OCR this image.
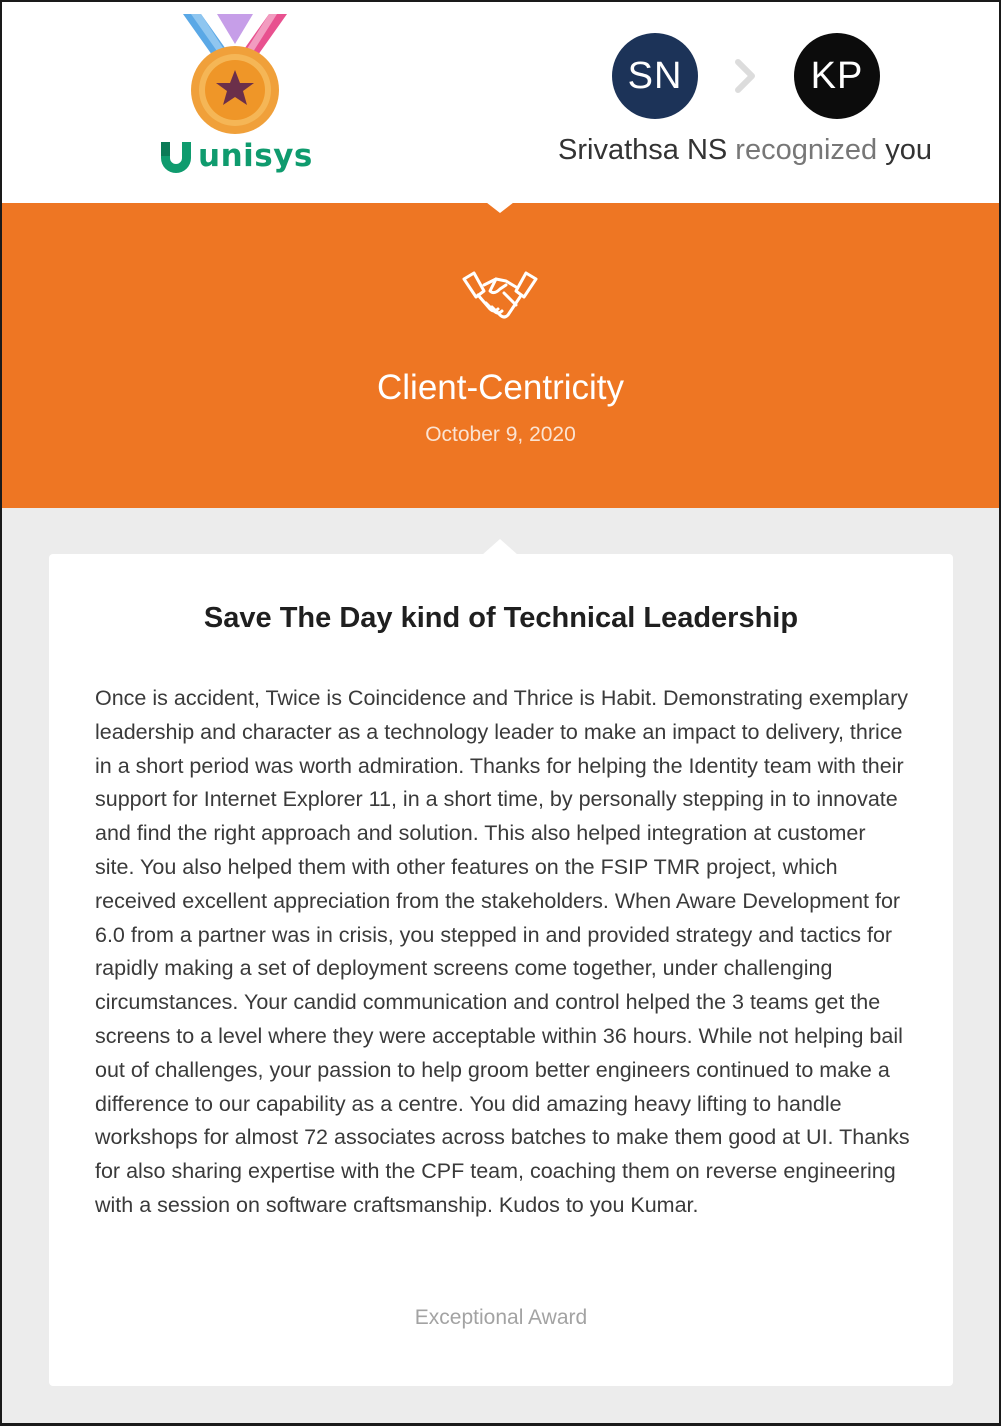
unisys
SN	KP
Srivathsa NS recognized you
Client-Centricity
October 9, 2020
Save The Day kind of Technical Leadership
Once is accident, Twice is Coincidence and Thrice is Habit. Demonstrating exemplary leadership and character as a technology leader to make an impact to delivery, thrice in a short period was worth admiration. Thanks for helping the Identity team with their support for Internet Explorer 11, in a short time, by personally stepping in to innovate and find the right approach and solution. This also helped integration at customer site. You also helped them with other features on the FSIP TMR project, which received excellent appreciation from the stakeholders. When Aware Development for 6.0 from a partner was in crisis, you stepped in and provided strategy and tactics for rapidly making a set of deployment screens come together, under challenging circumstances. Your candid communication and control helped the 3 teams get the screens to a level where they were acceptable within 36 hours. While not helping bail out of challenges, your passion to help groom better engineers continued to make a difference to our capability as a centre. You did amazing heavy lifting to handle workshops for almost 72 associates across batches to make them good at UI. Thanks for also sharing expertise with the CPF team, coaching them on reverse engineering with a session on software craftsmanship. Kudos to you Kumar.
Exceptional Award
